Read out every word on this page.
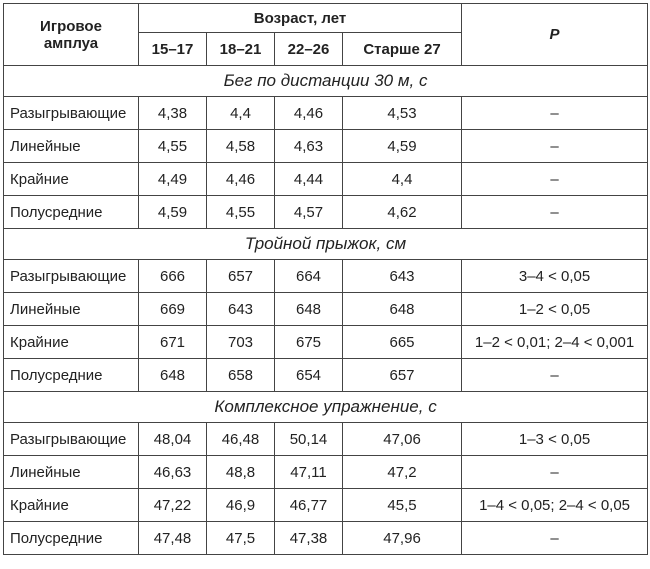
Игровое
амплуа	Возраст, лет				P
	15–17	18–21	22–26	Старше 27	
Бег по дистанции 30 м, с					
Разыгрывающие	4,38	4,4	4,46	4,53	–
Линейные	4,55	4,58	4,63	4,59	–
Крайние	4,49	4,46	4,44	4,4	–
Полусредние	4,59	4,55	4,57	4,62	–
Тройной прыжок, см					
Разыгрывающие	666	657	664	643	3–4 < 0,05
Линейные	669	643	648	648	1–2 < 0,05
Крайние	671	703	675	665	1–2 < 0,01; 2–4 < 0,001
Полусредние	648	658	654	657	–
Комплексное упражнение, с					
Разыгрывающие	48,04	46,48	50,14	47,06	1–3 < 0,05
Линейные	46,63	48,8	47,11	47,2	–
Крайние	47,22	46,9	46,77	45,5	1–4 < 0,05; 2–4 < 0,05
Полусредние	47,48	47,5	47,38	47,96	–
